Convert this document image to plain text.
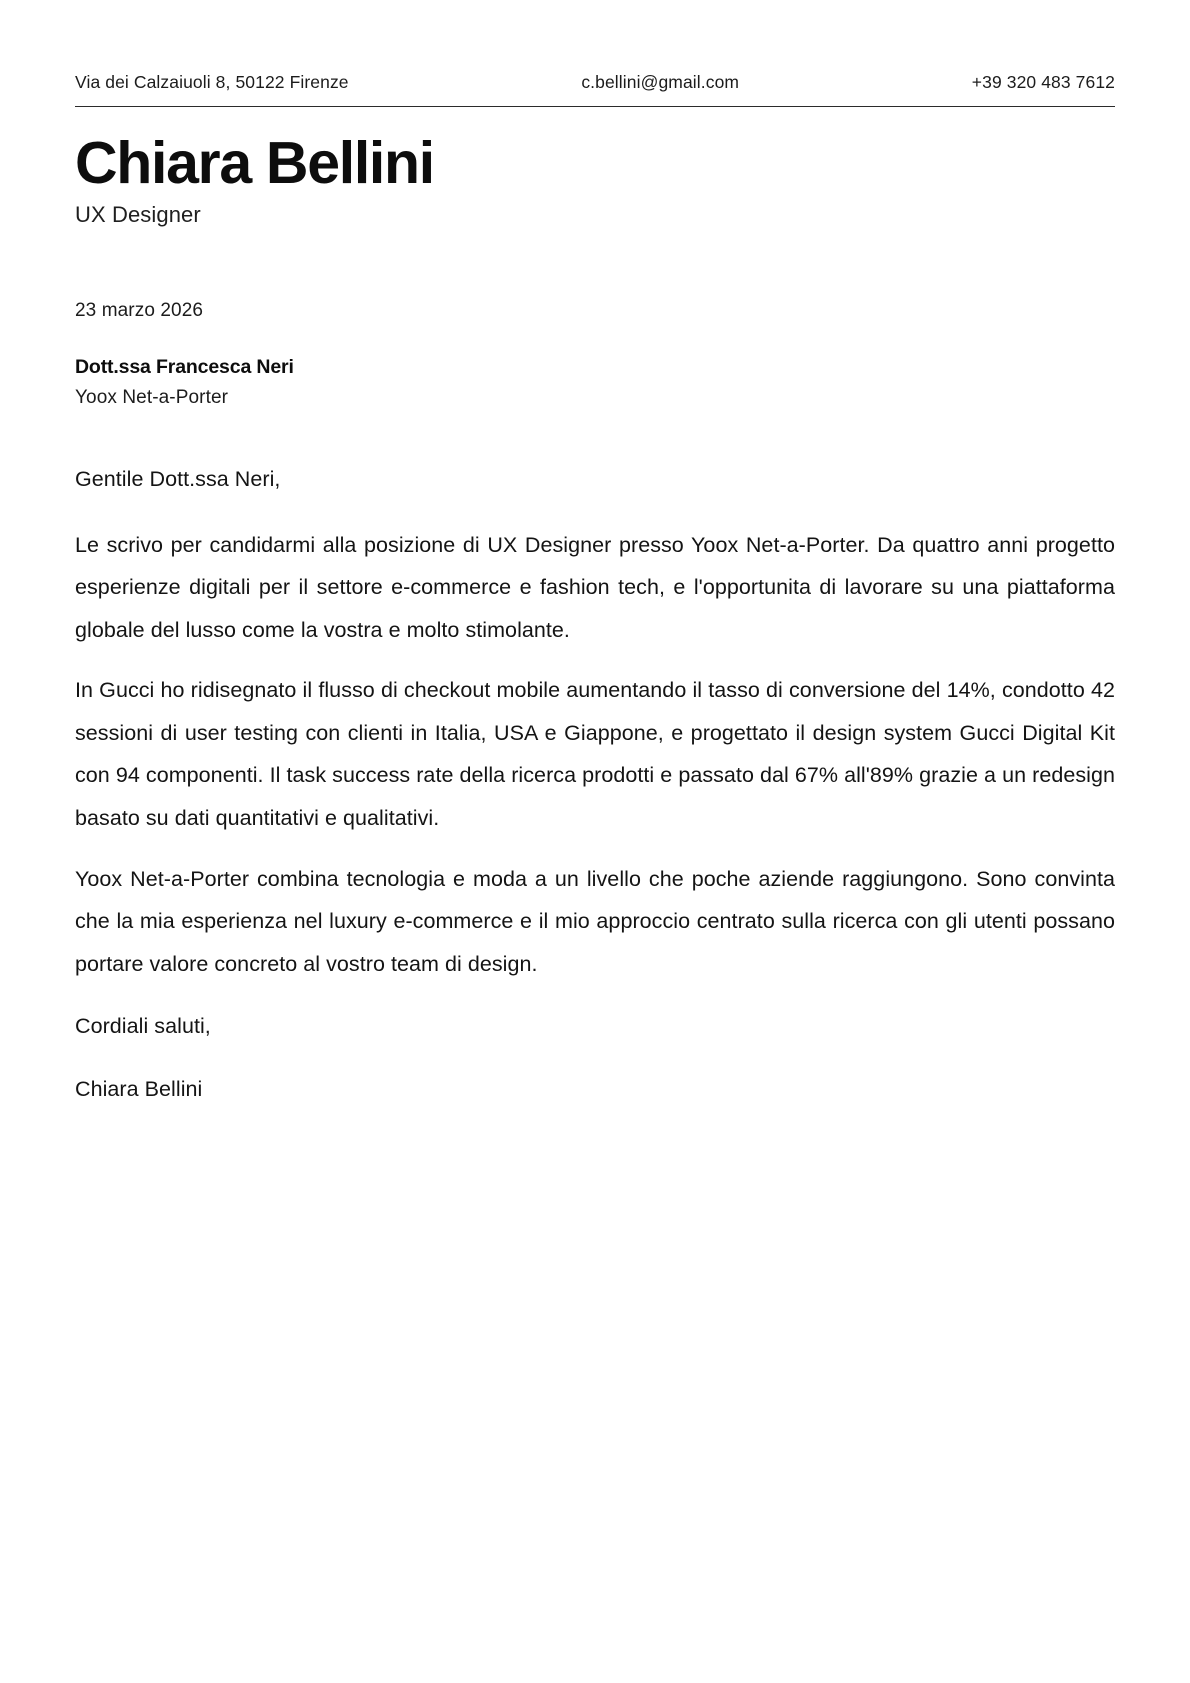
Via dei Calzaiuoli 8, 50122 Firenze	c.bellini@gmail.com	+39 320 483 7612
Chiara Bellini

UX Designer

23 marzo 2026

Dott.ssa Francesca Neri

Yoox Net-a-Porter

Gentile Dott.ssa Neri,

Le scrivo per candidarmi alla posizione di UX Designer presso Yoox Net-a-Porter. Da quattro anni progetto esperienze digitali per il settore e-commerce e fashion tech, e l'opportunita di lavorare su una piattaforma globale del lusso come la vostra e molto stimolante.

In Gucci ho ridisegnato il flusso di checkout mobile aumentando il tasso di conversione del 14%, condotto 42 sessioni di user testing con clienti in Italia, USA e Giappone, e progettato il design system Gucci Digital Kit con 94 componenti. Il task success rate della ricerca prodotti e passato dal 67% all'89% grazie a un redesign basato su dati quantitativi e qualitativi.

Yoox Net-a-Porter combina tecnologia e moda a un livello che poche aziende raggiungono. Sono convinta che la mia esperienza nel luxury e-commerce e il mio approccio centrato sulla ricerca con gli utenti possano portare valore concreto al vostro team di design.

Cordiali saluti,

Chiara Bellini
